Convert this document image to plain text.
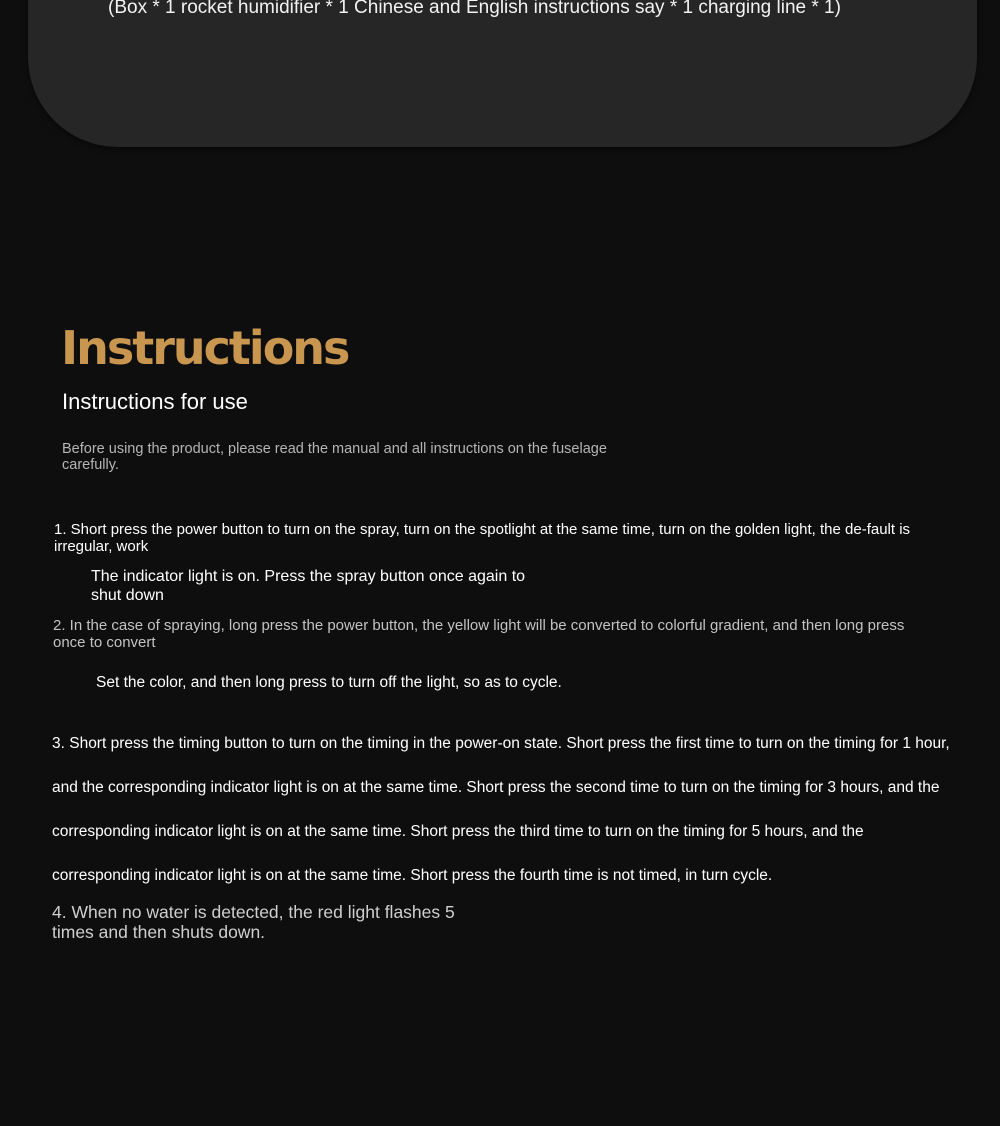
(Box * 1 rocket humidifier * 1 Chinese and English instructions say * 1 charging line * 1)

Instructions
Instructions for use

Before using the product, please read the manual and all instructions on the fuselage carefully.

1. Short press the power button to turn on the spray, turn on the spotlight at the same time, turn on the golden light, the de-fault is irregular, work

The indicator light is on. Press the spray button once again to shut down

2. In the case of spraying, long press the power button, the yellow light will be converted to colorful gradient, and then long press once to convert

Set the color, and then long press to turn off the light, so as to cycle.

3. Short press the timing button to turn on the timing in the power-on state. Short press the first time to turn on the timing for 1 hour, and the corresponding indicator light is on at the same time. Short press the second time to turn on the timing for 3 hours, and the corresponding indicator light is on at the same time. Short press the third time to turn on the timing for 5 hours, and the corresponding indicator light is on at the same time. Short press the fourth time is not timed, in turn cycle.

4. When no water is detected, the red light flashes 5 times and then shuts down.
